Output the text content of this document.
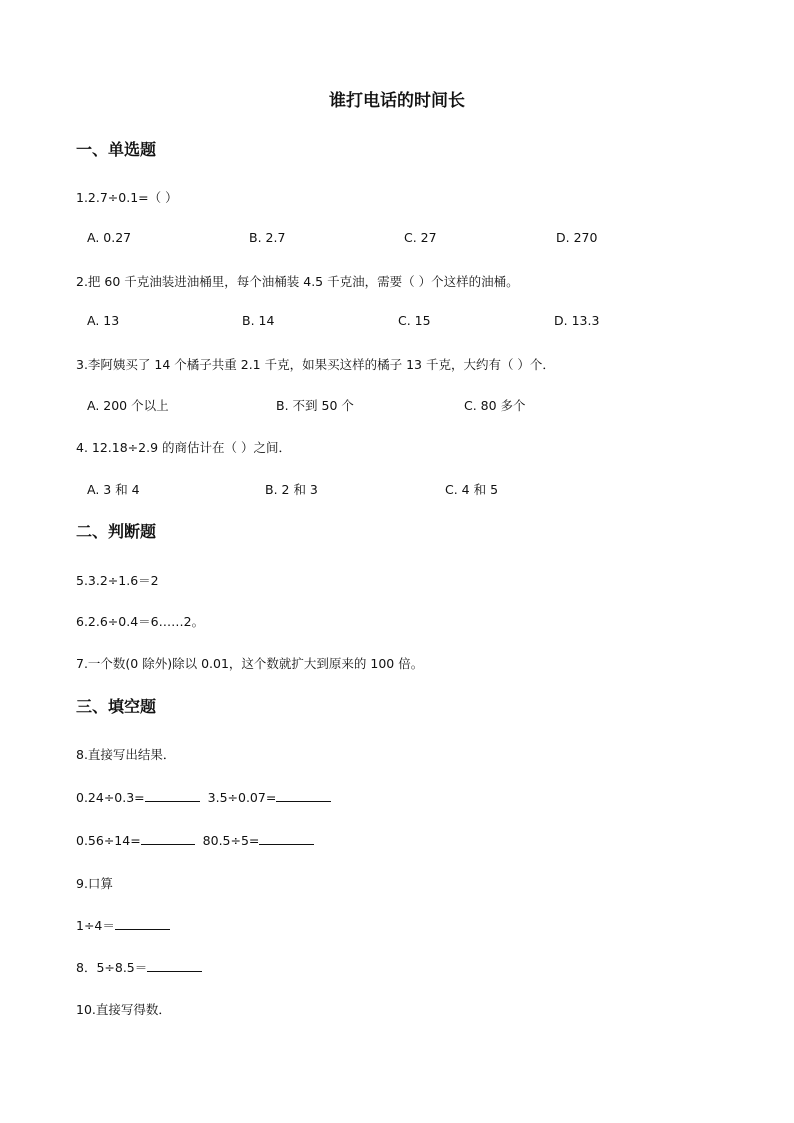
谁打电话的时间长
一、单选题
1.2.7÷0.1=（ ）
A. 0.27	B. 2.7	C. 27	D. 270
2.把 60 千克油装进油桶里，每个油桶装 4.5 千克油，需要（ ）个这样的油桶。
A. 13	B. 14	C. 15	D. 13.3
3.李阿姨买了 14 个橘子共重 2.1 千克，如果买这样的橘子 13 千克，大约有（ ）个．
A. 200 个以上	B. 不到 50 个	C. 80 多个
4. 12.18÷2.9 的商估计在（ ）之间．
A. 3 和 4	B. 2 和 3	C. 4 和 5
二、判断题
5.3.2÷1.6＝2
6.2.6÷0.4＝6……2。
7.一个数(0 除外)除以 0.01，这个数就扩大到原来的 100 倍。
三、填空题
8.直接写出结果．
0.24÷0.3=	3.5÷0.07=
0.56÷14=	80.5÷5=
9.口算
1÷4＝
8．5÷8.5＝
10.直接写得数．
